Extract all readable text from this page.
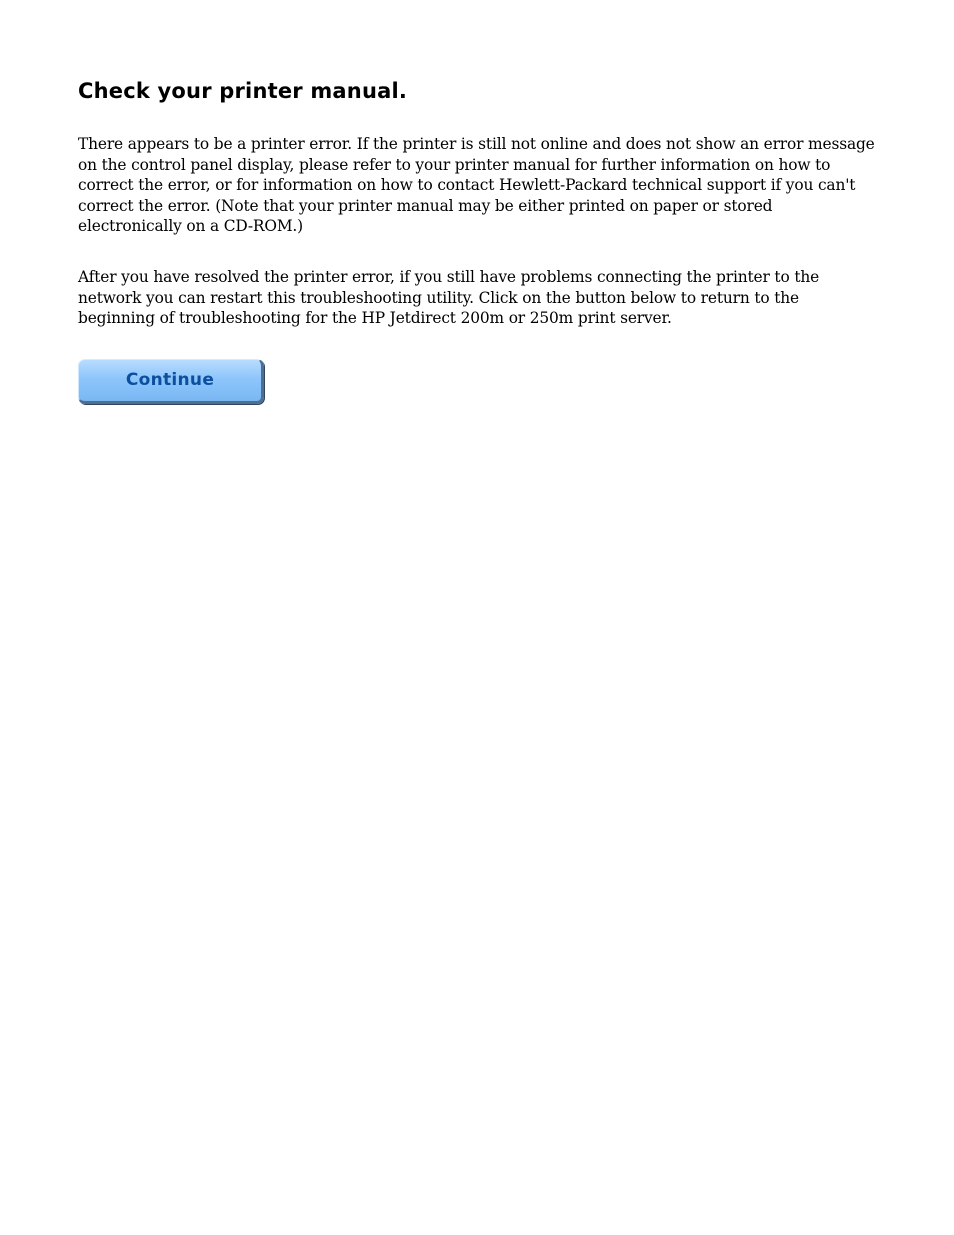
Check your printer manual.

There appears to be a printer error. If the printer is still not online and does not show an error message on the control panel display, please refer to your printer manual for further information on how to correct the error, or for information on how to contact Hewlett-Packard technical support if you can't correct the error. (Note that your printer manual may be either printed on paper or stored electronically on a CD-ROM.)

After you have resolved the printer error, if you still have problems connecting the printer to the network you can restart this troubleshooting utility. Click on the button below to return to the beginning of troubleshooting for the HP Jetdirect 200m or 250m print server.

Continue
